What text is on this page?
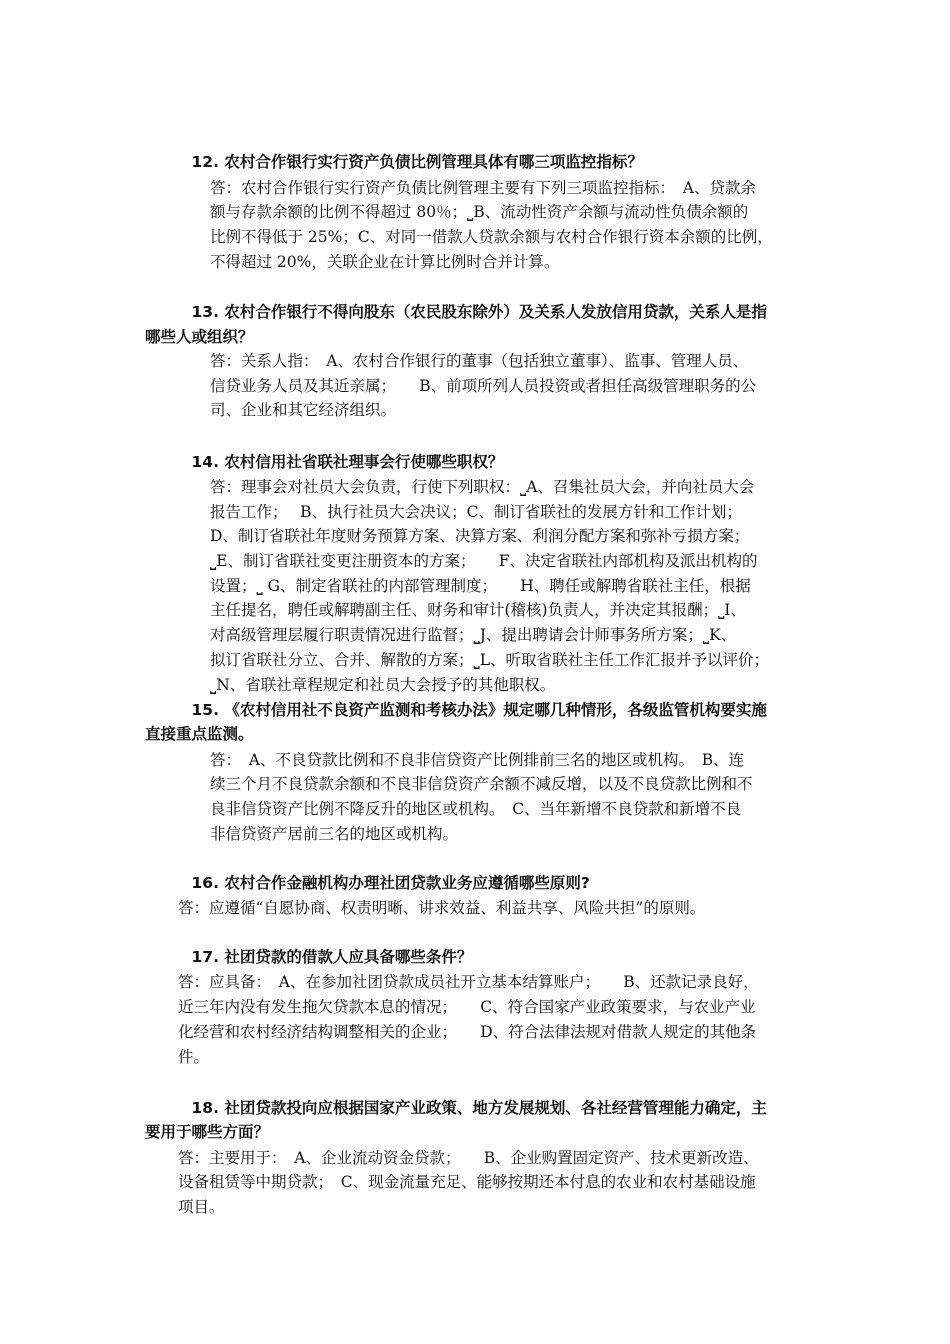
　　　12. 农村合作银行实行资产负债比例管理具体有哪三项监控指标？
答：农村合作银行实行资产负债比例管理主要有下列三项监控指标：　A、贷款余
额与存款余额的比例不得超过 80％；⎵B、流动性资产余额与流动性负债余额的
比例不得低于 25%；C、对同一借款人贷款余额与农村合作银行资本余额的比例，
不得超过 20%，关联企业在计算比例时合并计算。
　　　13. 农村合作银行不得向股东（农民股东除外）及关系人发放信用贷款，关系人是指
哪些人或组织？
答：关系人指：　A、农村合作银行的董事（包括独立董事）、监事、管理人员、
信贷业务人员及其近亲属；　　B、前项所列人员投资或者担任高级管理职务的公
司、企业和其它经济组织。
　　　14. 农村信用社省联社理事会行使哪些职权？
答：理事会对社员大会负责，行使下列职权：⎵A、召集社员大会，并向社员大会
报告工作；　 B、执行社员大会决议；C、制订省联社的发展方针和工作计划；
D、制订省联社年度财务预算方案、决算方案、利润分配方案和弥补亏损方案；
⎵E、制订省联社变更注册资本的方案；　　F、决定省联社内部机构及派出机构的
设置；⎵ G、制定省联社的内部管理制度；　　H、聘任或解聘省联社主任，根据
主任提名，聘任或解聘副主任、财务和审计(稽核)负责人，并决定其报酬；⎵I、
对高级管理层履行职责情况进行监督；⎵J、提出聘请会计师事务所方案；⎵K、
拟订省联社分立、合并、解散的方案；⎵L、听取省联社主任工作汇报并予以评价；
⎵N、省联社章程规定和社员大会授予的其他职权。
　　　15. 《农村信用社不良资产监测和考核办法》规定哪几种情形，各级监管机构要实施
直接重点监测。
答：　A、不良贷款比例和不良非信贷资产比例排前三名的地区或机构。　B、连
续三个月不良贷款余额和不良非信贷资产余额不减反增，以及不良贷款比例和不
良非信贷资产比例不降反升的地区或机构。　C、当年新增不良贷款和新增不良
非信贷资产居前三名的地区或机构。
　　　16. 农村合作金融机构办理社团贷款业务应遵循哪些原则?
答：应遵循“自愿协商、权责明晰、讲求效益、利益共享、风险共担”的原则。
　　　17. 社团贷款的借款人应具备哪些条件？
答：应具备：　A、在参加社团贷款成员社开立基本结算账户；　　B、还款记录良好，
近三年内没有发生拖欠贷款本息的情况；　　C、符合国家产业政策要求，与农业产业
化经营和农村经济结构调整相关的企业；　　D、符合法律法规对借款人规定的其他条
件。
　　　18. 社团贷款投向应根据国家产业政策、地方发展规划、各社经营管理能力确定，主
要用于哪些方面？
答：主要用于：　A、企业流动资金贷款；　　B、企业购置固定资产、技术更新改造、
设备租赁等中期贷款；　C、现金流量充足、能够按期还本付息的农业和农村基础设施
项目。
